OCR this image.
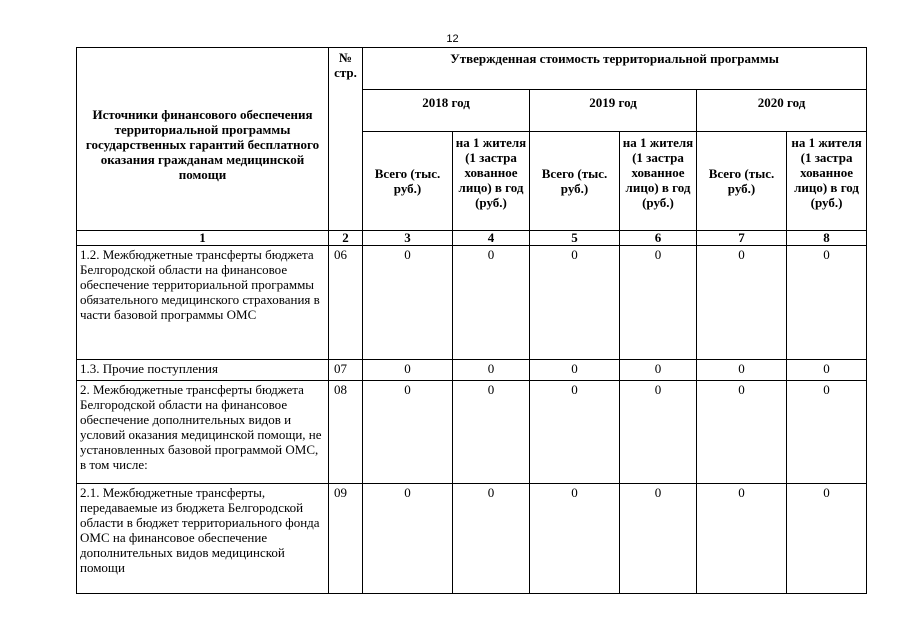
12
Источники финансового обеспечения территориальной программы государственных гарантий бесплатного оказания гражданам медицинской помощи	№ стр.	Утвержденная стоимость территориальной программы					
		2018 год		2019 год		2020 год	
		Всего (тыс. руб.)	на 1 жителя (1 застра хованное лицо) в год (руб.)	Всего (тыс. руб.)	на 1 жителя (1 застра хованное лицо) в год (руб.)	Всего (тыс. руб.)	на 1 жителя (1 застра хованное лицо) в год (руб.)
1	2	3	4	5	6	7	8
1.2. Межбюджетные трансферты бюджета Белгородской области на финансовое обеспечение территориальной программы обязательного медицинского страхования в части базовой программы ОМС	06	0	0	0	0	0	0
1.3. Прочие поступления	07	0	0	0	0	0	0
2. Межбюджетные трансферты бюджета Белгородской области на финансовое обеспечение дополнительных видов и условий оказания медицинской помощи, не установленных базовой программой ОМС, в том числе:	08	0	0	0	0	0	0
2.1. Межбюджетные трансферты, передаваемые из бюджета Белгородской области в бюджет территориального фонда ОМС на финансовое обеспечение дополнительных видов медицинской помощи	09	0	0	0	0	0	0
